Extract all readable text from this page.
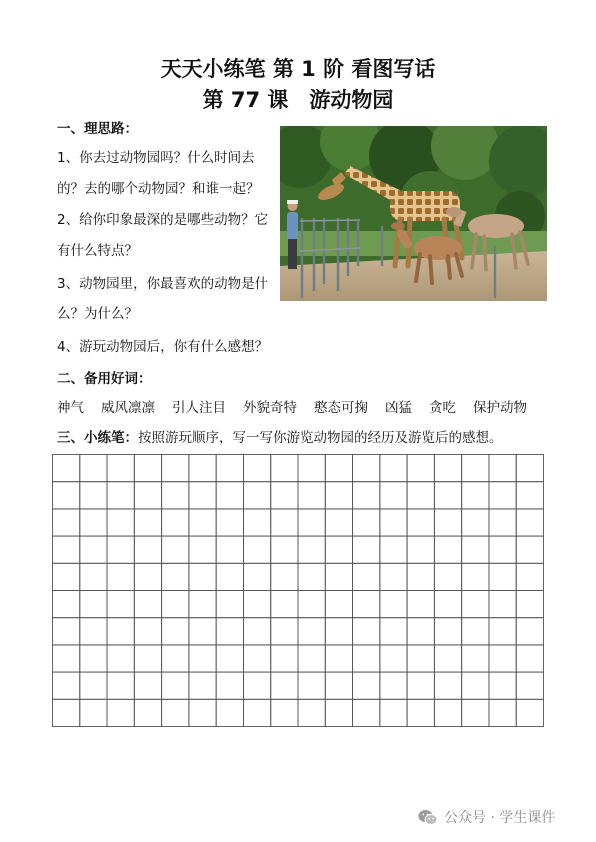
天天小练笔 第 1 阶 看图写话
第 77 课　游动物园
一、理思路：
1、你去过动物园吗？什么时间去
的？去的哪个动物园？和谁一起？
2、给你印象最深的是哪些动物？它
有什么特点？
3、动物园里，你最喜欢的动物是什
么？为什么？
4、游玩动物园后，你有什么感想？
二、备用好词：
神气 威风凛凛 引人注目 外貌奇特 憨态可掬 凶猛 贪吃 保护动物
三、小练笔：按照游玩顺序，写一写你游览动物园的经历及游览后的感想。
公众号 · 学生课件
